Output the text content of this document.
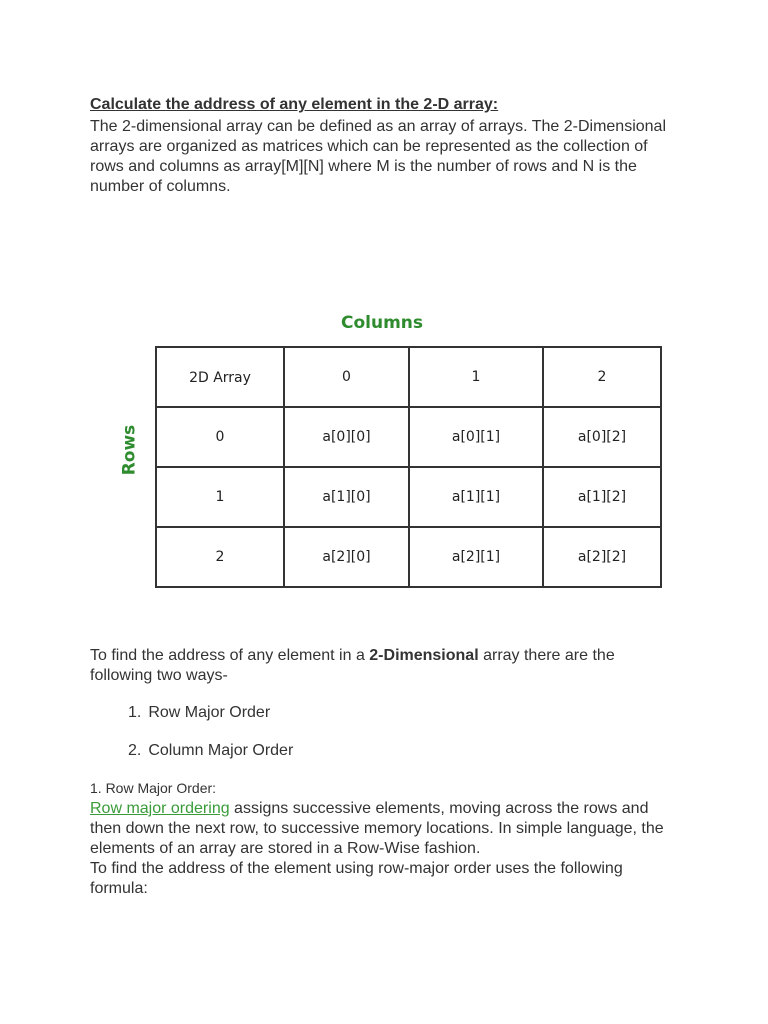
Calculate the address of any element in the 2-D array:

The 2-dimensional array can be defined as an array of arrays. The 2-Dimensional arrays are organized as matrices which can be represented as the collection of rows and columns as array[M][N] where M is the number of rows and N is the number of columns.

Columns
Rows
2D Array	0	1	2
0	a[0][0]	a[0][1]	a[0][2]
1	a[1][0]	a[1][1]	a[1][2]
2	a[2][0]	a[2][1]	a[2][2]

To find the address of any element in a 2-Dimensional array there are the following two ways-

1. Row Major Order
2. Column Major Order
1. Row Major Order:

Row major ordering assigns successive elements, moving across the rows and then down the next row, to successive memory locations. In simple language, the elements of an array are stored in a Row-Wise fashion.
To find the address of the element using row-major order uses the following formula:
